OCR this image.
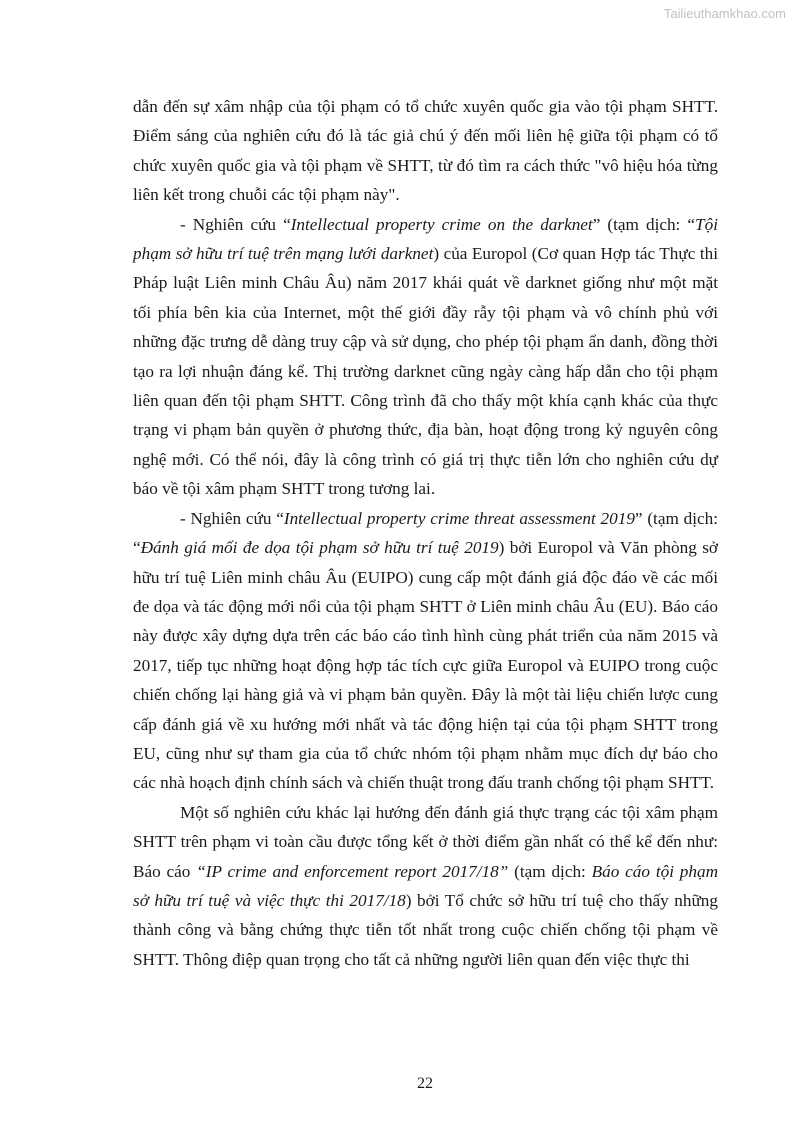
Tailieuthamkhao.com

dẫn đến sự xâm nhập của tội phạm có tổ chức xuyên quốc gia vào tội phạm SHTT. Điểm sáng của nghiên cứu đó là tác giả chú ý đến mối liên hệ giữa tội phạm có tổ chức xuyên quốc gia và tội phạm về SHTT, từ đó tìm ra cách thức "vô hiệu hóa từng liên kết trong chuỗi các tội phạm này".

- Nghiên cứu “Intellectual property crime on the darknet” (tạm dịch: “Tội phạm sở hữu trí tuệ trên mạng lưới darknet) của Europol (Cơ quan Hợp tác Thực thi Pháp luật Liên minh Châu Âu) năm 2017 khái quát về darknet giống như một mặt tối phía bên kia của Internet, một thế giới đầy rẫy tội phạm và vô chính phủ với những đặc trưng dễ dàng truy cập và sử dụng, cho phép tội phạm ẩn danh, đồng thời tạo ra lợi nhuận đáng kể. Thị trường darknet cũng ngày càng hấp dẫn cho tội phạm liên quan đến tội phạm SHTT. Công trình đã cho thấy một khía cạnh khác của thực trạng vi phạm bản quyền ở phương thức, địa bàn, hoạt động trong kỷ nguyên công nghệ mới. Có thể nói, đây là công trình có giá trị thực tiễn lớn cho nghiên cứu dự báo về tội xâm phạm SHTT trong tương lai.

- Nghiên cứu “Intellectual property crime threat assessment 2019” (tạm dịch: “Đánh giá mối đe dọa tội phạm sở hữu trí tuệ 2019) bởi Europol và Văn phòng sở hữu trí tuệ Liên minh châu Âu (EUIPO) cung cấp một đánh giá độc đáo về các mối đe dọa và tác động mới nổi của tội phạm SHTT ở Liên minh châu Âu (EU). Báo cáo này được xây dựng dựa trên các báo cáo tình hình cùng phát triển của năm 2015 và 2017, tiếp tục những hoạt động hợp tác tích cực giữa Europol và EUIPO trong cuộc chiến chống lại hàng giả và vi phạm bản quyền. Đây là một tài liệu chiến lược cung cấp đánh giá về xu hướng mới nhất và tác động hiện tại của tội phạm SHTT trong EU, cũng như sự tham gia của tổ chức nhóm tội phạm nhằm mục đích dự báo cho các nhà hoạch định chính sách và chiến thuật trong đấu tranh chống tội phạm SHTT.

Một số nghiên cứu khác lại hướng đến đánh giá thực trạng các tội xâm phạm SHTT trên phạm vi toàn cầu được tổng kết ở thời điểm gần nhất có thể kể đến như: Báo cáo “IP crime and enforcement report 2017/18” (tạm dịch: Báo cáo tội phạm sở hữu trí tuệ và việc thực thi 2017/18) bởi Tổ chức sở hữu trí tuệ cho thấy những thành công và bằng chứng thực tiễn tốt nhất trong cuộc chiến chống tội phạm về SHTT. Thông điệp quan trọng cho tất cả những người liên quan đến việc thực thi

22
